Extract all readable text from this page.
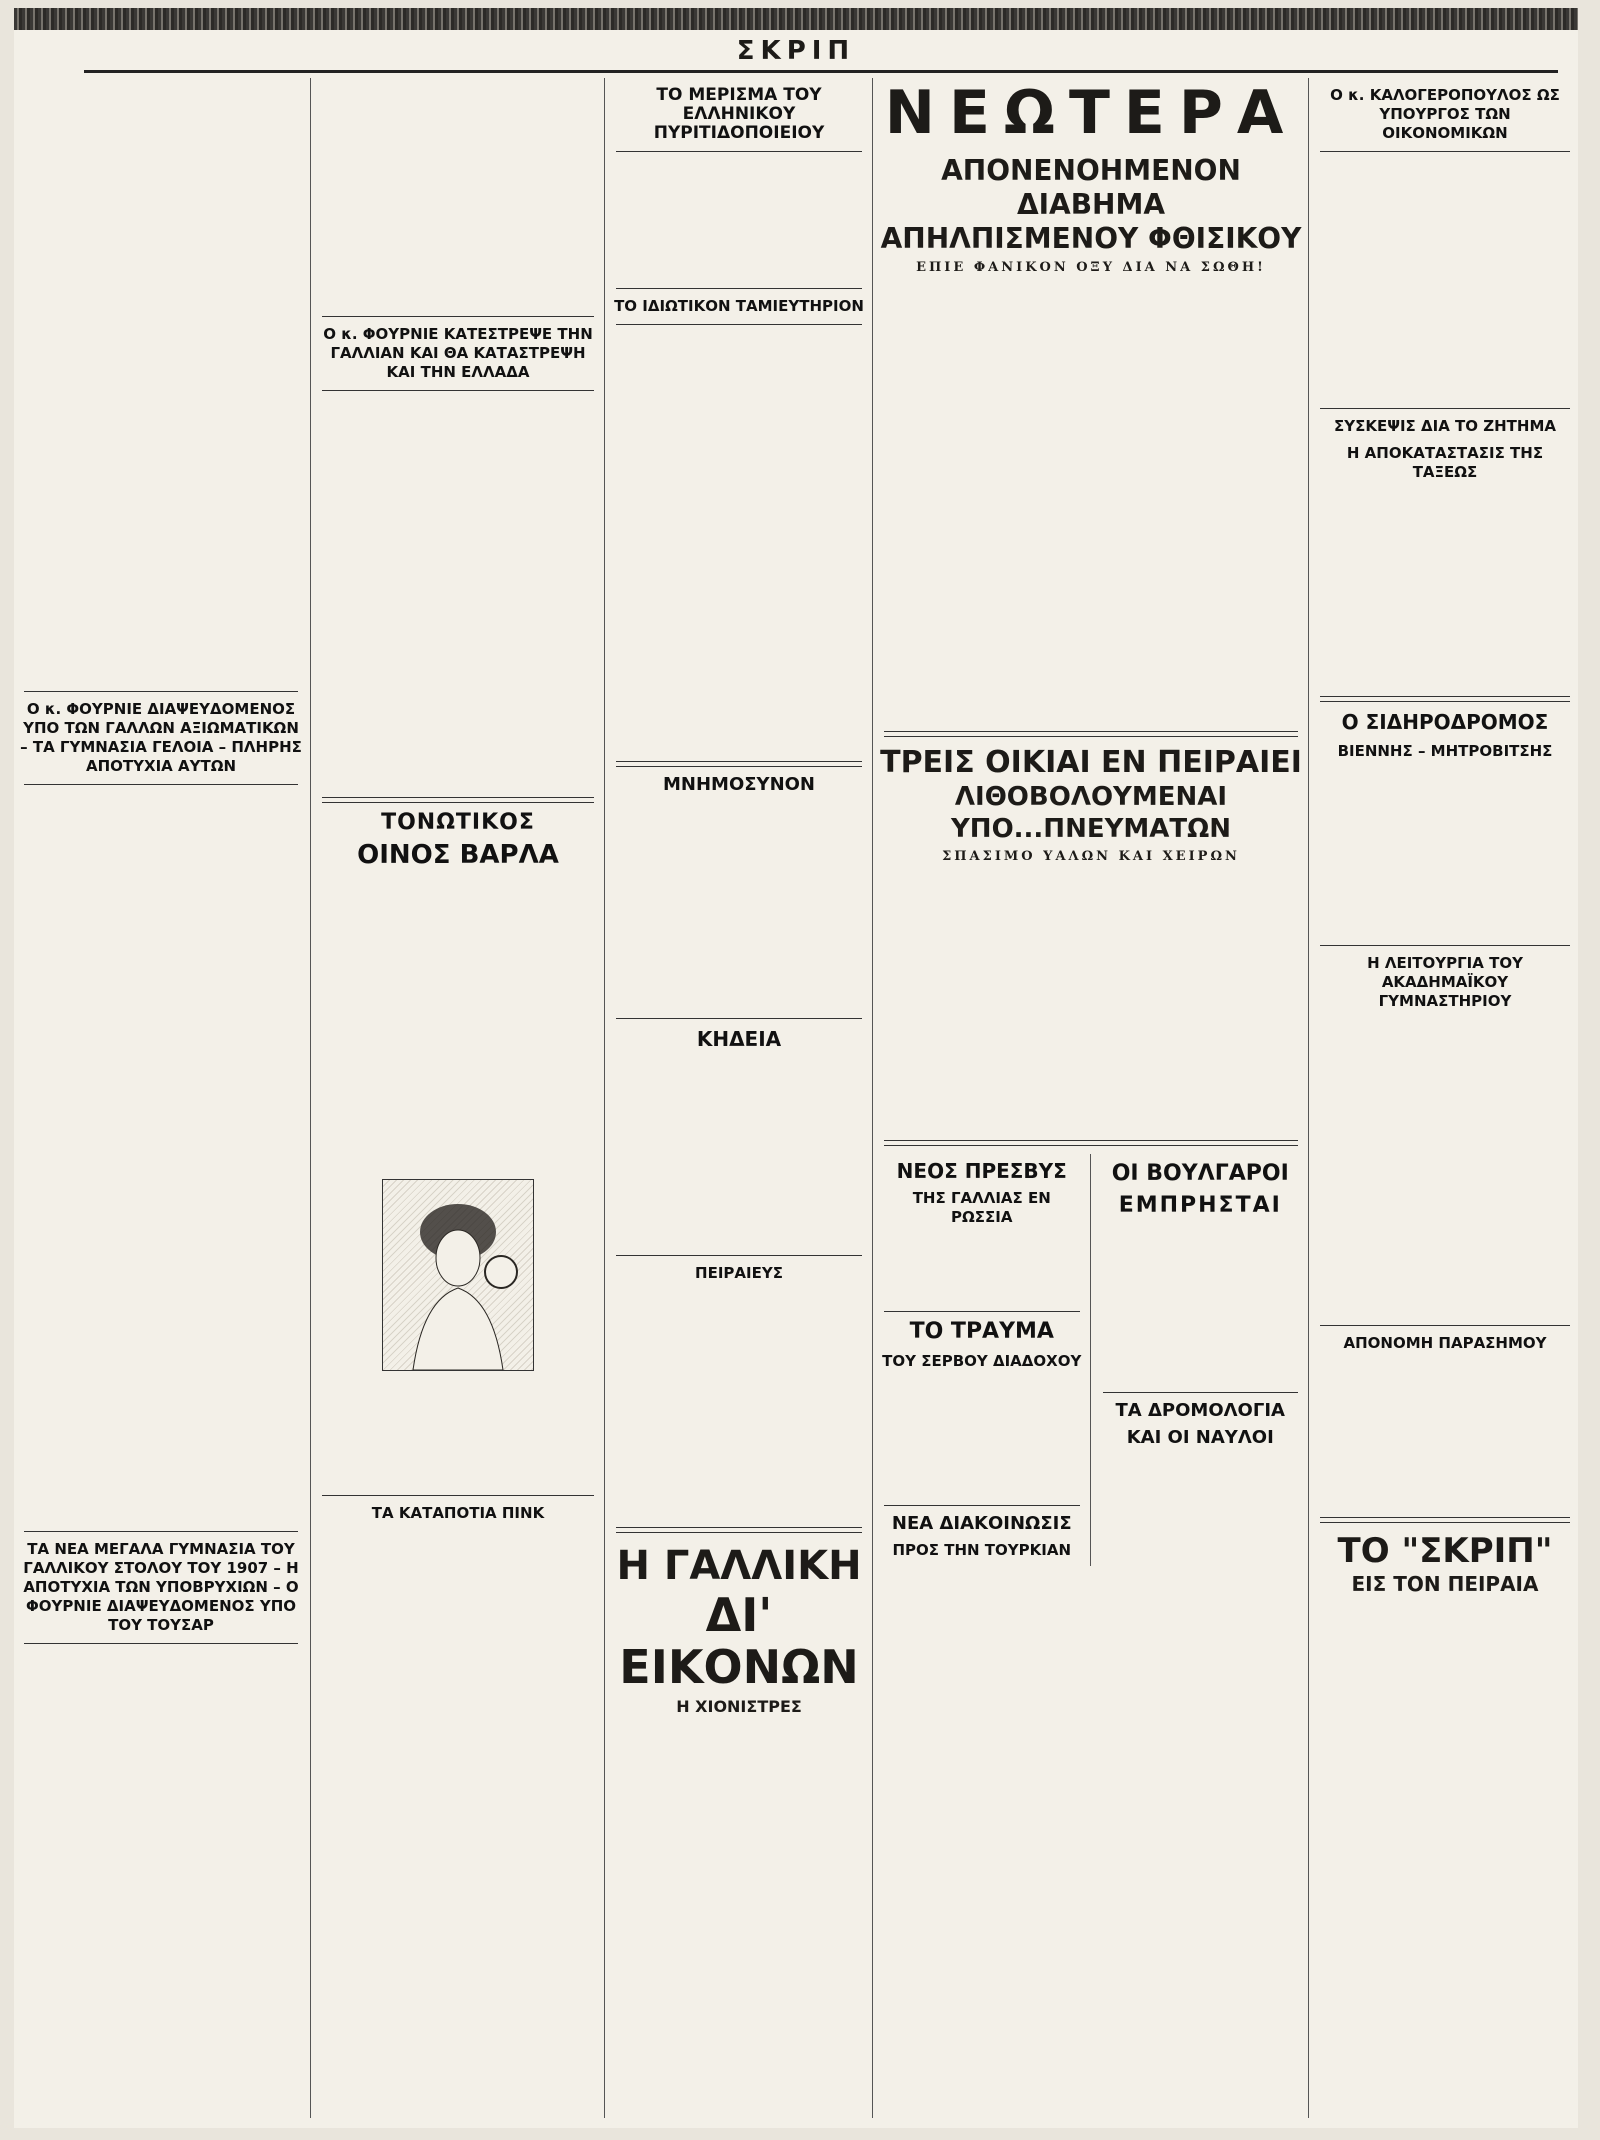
ΣΚΡΙΠ

Ο κ. ΦΟΥΡΝΙΕ ΔΙΑΨΕΥΔΟΜΕΝΟΣ ΥΠΟ ΤΩΝ ΓΑΛΛΩΝ ΑΞΙΩΜΑΤΙΚΩΝ – ΤΑ ΓΥΜΝΑΣΙΑ ΓΕΛΟΙΑ – ΠΛΗΡΗΣ ΑΠΟΤΥΧΙΑ ΑΥΤΩΝ
ΤΑ ΝΕΑ ΜΕΓΑΛΑ ΓΥΜΝΑΣΙΑ ΤΟΥ ΓΑΛΛΙΚΟΥ ΣΤΟΛΟΥ ΤΟΥ 1907 – Η ΑΠΟΤΥΧΙΑ ΤΩΝ ΥΠΟΒΡΥΧΙΩΝ – Ο ΦΟΥΡΝΙΕ ΔΙΑΨΕΥΔΟΜΕΝΟΣ ΥΠΟ ΤΟΥ ΤΟΥΣΑΡ
Ο κ. ΦΟΥΡΝΙΕ ΚΑΤΕΣΤΡΕΨΕ ΤΗΝ ΓΑΛΛΙΑΝ ΚΑΙ ΘΑ ΚΑΤΑΣΤΡΕΨΗ ΚΑΙ ΤΗΝ ΕΛΛΑΔΑ
ΤΟΝΩΤΙΚΟΣ
ΟΙΝΟΣ ΒΑΡΛΑ
ΤΑ ΚΑΤΑΠΟΤΙΑ ΠΙΝΚ
ΤΟ ΜΕΡΙΣΜΑ ΤΟΥ ΕΛΛΗΝΙΚΟΥ ΠΥΡΙΤΙΔΟΠΟΙΕΙΟΥ
ΤΟ ΙΔΙΩΤΙΚΟΝ ΤΑΜΙΕΥΤΗΡΙΟΝ
ΜΝΗΜΟΣΥΝΟΝ
ΚΗΔΕΙΑ
ΠΕΙΡΑΙΕΥΣ
Η ΓΑΛΛΙΚΗ
ΔΙ' ΕΙΚΟΝΩΝ
Η ΧΙΟΝΙΣΤΡΕΣ
ΝΕΩΤΕΡΑ
ΑΠΟΝΕΝΟΗΜΕΝΟΝ ΔΙΑΒΗΜΑ
ΑΠΗΛΠΙΣΜΕΝΟΥ ΦΘΙΣΙΚΟΥ
ΕΠΙΕ ΦΑΝΙΚΟΝ ΟΞΥ ΔΙΑ ΝΑ ΣΩΘΗ!
ΤΡΕΙΣ ΟΙΚΙΑΙ ΕΝ ΠΕΙΡΑΙΕΙ
ΛΙΘΟΒΟΛΟΥΜΕΝΑΙ ΥΠΟ...ΠΝΕΥΜΑΤΩΝ
ΣΠΑΣΙΜΟ ΥΑΛΩΝ ΚΑΙ ΧΕΙΡΩΝ
ΝΕΟΣ ΠΡΕΣΒΥΣ
ΤΗΣ ΓΑΛΛΙΑΣ ΕΝ ΡΩΣΣΙΑ
ΤΟ ΤΡΑΥΜΑ
ΤΟΥ ΣΕΡΒΟΥ ΔΙΑΔΟΧΟΥ
ΝΕΑ ΔΙΑΚΟΙΝΩΣΙΣ
ΠΡΟΣ ΤΗΝ ΤΟΥΡΚΙΑΝ
ΟΙ ΒΟΥΛΓΑΡΟΙ
ΕΜΠΡΗΣΤΑΙ
ΤΑ ΔΡΟΜΟΛΟΓΙΑ
ΚΑΙ ΟΙ ΝΑΥΛΟΙ
Ο κ. ΚΑΛΟΓΕΡΟΠΟΥΛΟΣ ΩΣ ΥΠΟΥΡΓΟΣ ΤΩΝ ΟΙΚΟΝΟΜΙΚΩΝ
ΣΥΣΚΕΨΙΣ ΔΙΑ ΤΟ ΖΗΤΗΜΑ
Η ΑΠΟΚΑΤΑΣΤΑΣΙΣ ΤΗΣ ΤΑΞΕΩΣ
Ο ΣΙΔΗΡΟΔΡΟΜΟΣ
ΒΙΕΝΝΗΣ – ΜΗΤΡΟΒΙΤΣΗΣ
Η ΛΕΙΤΟΥΡΓΙΑ ΤΟΥ ΑΚΑΔΗΜΑΪΚΟΥ ΓΥΜΝΑΣΤΗΡΙΟΥ
ΑΠΟΝΟΜΗ ΠΑΡΑΣΗΜΟΥ
ΤΟ "ΣΚΡΙΠ"
ΕΙΣ ΤΟΝ ΠΕΙΡΑΙΑ
